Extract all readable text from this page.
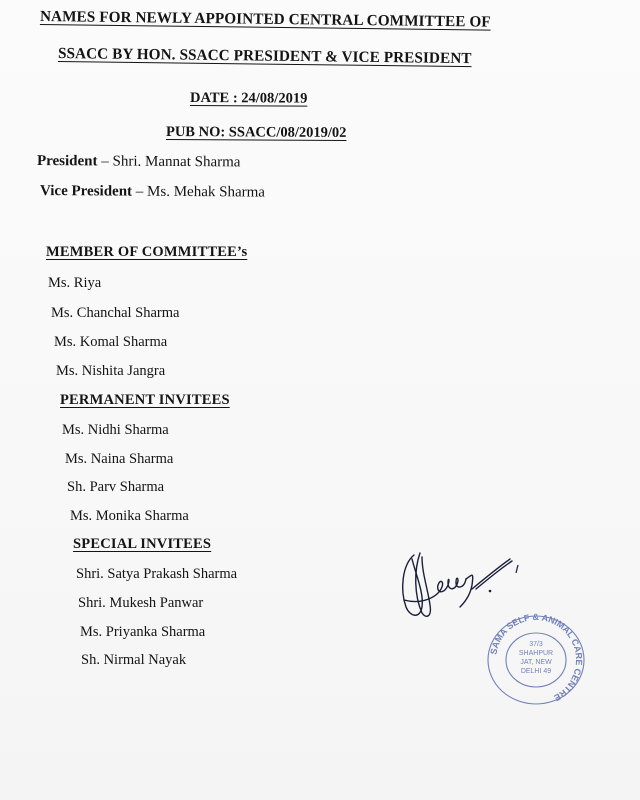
NAMES FOR NEWLY APPOINTED CENTRAL COMMITTEE OF
SSACC BY HON. SSACC PRESIDENT & VICE PRESIDENT
DATE : 24/08/2019
PUB NO: SSACC/08/2019/02
President – Shri. Mannat Sharma
Vice President – Ms. Mehak Sharma
MEMBER OF COMMITTEE’s
Ms. Riya
Ms. Chanchal Sharma
Ms. Komal Sharma
Ms. Nishita Jangra
PERMANENT INVITEES
Ms. Nidhi Sharma
Ms. Naina Sharma
Sh. Parv Sharma
Ms. Monika Sharma
SPECIAL INVITEES
Shri. Satya Prakash Sharma
Shri. Mukesh Panwar
Ms. Priyanka Sharma
Sh. Nirmal Nayak
SAMA SELF & ANIMAL CARE CENTRE
37/3
SHAHPUR
JAT, NEW
DELHI 49
